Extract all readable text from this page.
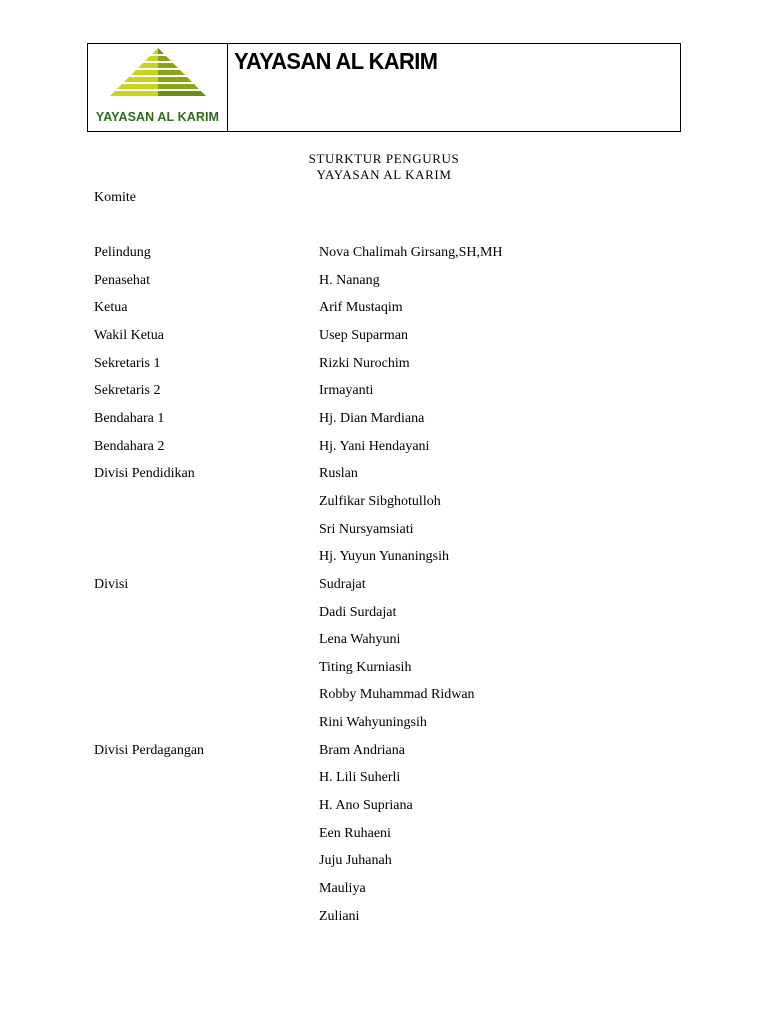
YAYASAN AL KARIM
YAYASAN AL KARIM
STURKTUR PENGURUS
YAYASAN AL KARIM
Komite
Pelindung	Nova Chalimah Girsang,SH,MH
Penasehat	H. Nanang
Ketua	Arif Mustaqim
Wakil Ketua	Usep Suparman
Sekretaris 1	Rizki Nurochim
Sekretaris 2	Irmayanti
Bendahara 1	Hj. Dian Mardiana
Bendahara 2	Hj. Yani Hendayani
Divisi Pendidikan	Ruslan
Zulfikar Sibghotulloh
Sri Nursyamsiati
Hj. Yuyun Yunaningsih
Divisi	Sudrajat
Dadi Surdajat
Lena Wahyuni
Titing Kurniasih
Robby Muhammad Ridwan
Rini Wahyuningsih
Divisi Perdagangan	Bram Andriana
H. Lili Suherli
H. Ano Supriana
Een Ruhaeni
Juju Juhanah
Mauliya
Zuliani
